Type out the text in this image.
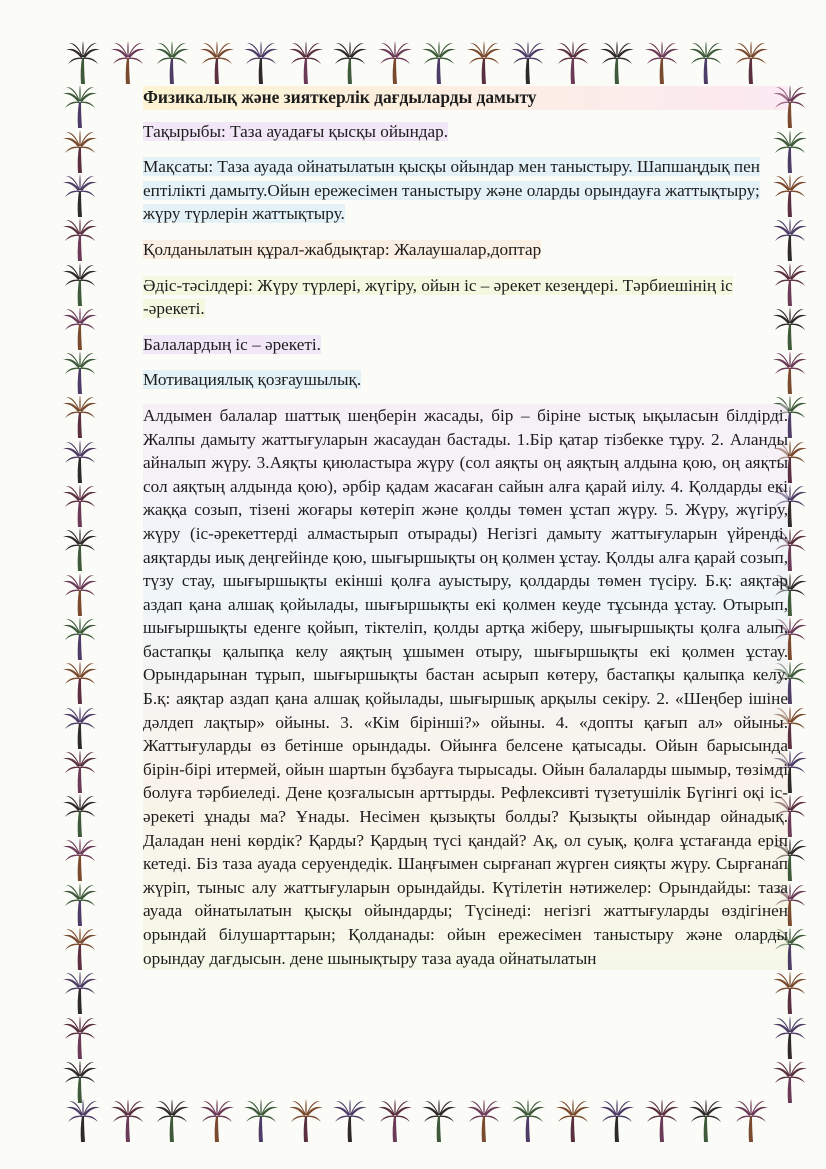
Физикалық және зияткерлік дағдыларды дамыту

Тақырыбы: Таза ауадағы қысқы ойындар.

Мақсаты: Таза ауада ойнатылатын қысқы ойындар мен таныстыру. Шапшаңдық пен ептілікті дамыту.Ойын ережесімен таныстыру және оларды орындауға жаттықтыру; жүру түрлерін жаттықтыру.

Қолданылатын құрал-жабдықтар: Жалаушалар,доптар

Әдіс-тәсілдері: Жүру түрлері, жүгіру, ойын іс – әрекет кезеңдері. Тәрбиешінің іс -әрекеті.

Балалардың іс – әрекеті.

Мотивациялық қозғаушылық.

Алдымен балалар шаттық шеңберін жасады, бір – біріне ыстық ықыласын білдірді. Жалпы дамыту жаттығуларын жасаудан бастады. 1.Бір қатар тізбекке тұру. 2. Аланды айналып жүру. 3.Аяқты қиюластыра жүру (сол аяқты оң аяқтың алдына қою, оң аяқты сол аяқтың алдында қою), әрбір қадам жасаған сайын алға қарай иілу. 4. Қолдарды екі жаққа созып, тізені жоғары көтеріп және қолды төмен ұстап жүру. 5. Жүру, жүгіру, жүру (іс-әрекеттерді алмастырып отырады) Негізгі дамыту жаттығуларын үйренді. аяқтарды иық деңгейінде қою, шығыршықты оң қолмен ұстау. Қолды алға қарай созып, түзу стау, шығыршықты екінші қолға ауыстыру, қолдарды төмен түсіру. Б.қ: аяқтар аздап қана алшақ қойылады, шығыршықты екі қолмен кеуде тұсында ұстау. Отырып, шығыршықты еденге қойып, тіктеліп, қолды артқа жіберу, шығыршықты қолға алып, бастапқы қалыпқа келу аяқтың ұшымен отыру, шығыршықты екі қолмен ұстау. Орындарынан тұрып, шығыршықты бастан асырып көтеру, бастапқы қалыпқа келу. Б.қ: аяқтар аздап қана алшақ қойылады, шығыршық арқылы секіру. 2. «Шеңбер ішіне дәлдеп лақтыр» ойыны. 3. «Кім бірінші?» ойыны. 4. «допты қағып ал» ойыны. Жаттығуларды өз бетінше орындады. Ойынға белсене қатысады. Ойын барысында бірін-бірі итермей, ойын шартын бұзбауға тырысады. Ойын балаларды шымыр, төзімді болуға тәрбиеледі. Дене қозғалысын арттырды. Рефлексивті түзетушілік Бүгінгі оқі іс-әрекеті ұнады ма? Ұнады. Несімен қызықты болды? Қызықты ойындар ойнадық. Даладан нені көрдік? Қарды? Қардың түсі қандай? Ақ, ол суық, қолға ұстағанда еріп кетеді. Біз таза ауада серуендедік. Шаңғымен сырғанап жүрген сияқты жүру. Сырғанап жүріп, тыныс алу жаттығуларын орындайды. Күтілетін нәтижелер: Орындайды: таза ауада ойнатылатын қысқы ойындарды; Түсінеді: негізгі жаттығуларды өздігінен орындай білушарттарын; Қолданады: ойын ережесімен таныстыру және оларды орындау дағдысын. дене шынықтыру таза ауада ойнатылатын
